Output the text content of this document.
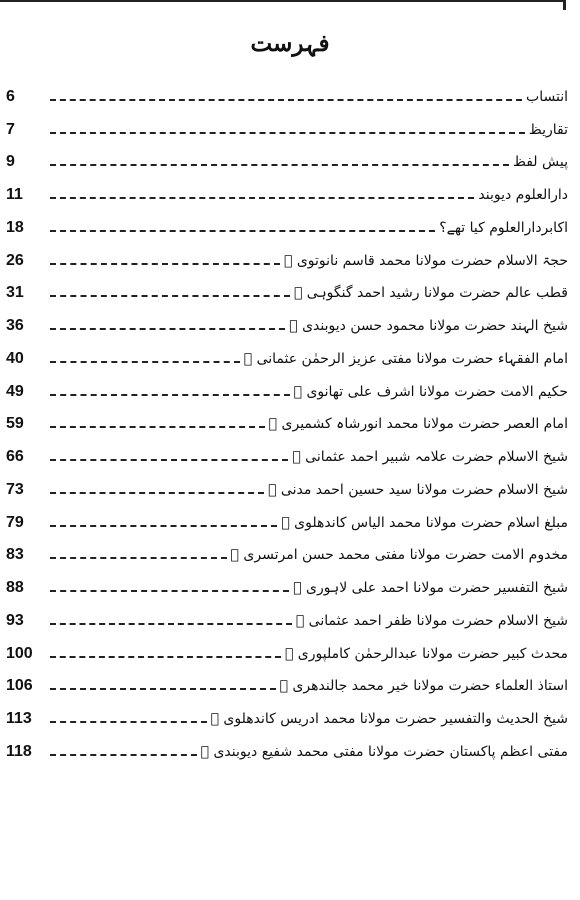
فہرست
6	انتساب
7	تقاریظ
9	پیش لفظ
11	دارالعلوم دیوبند
18	اکابردارالعلوم کیا تھے؟
26	حجۃ الاسلام حضرت مولانا محمد قاسم نانوتوی ﷫
31	قطب عالم حضرت مولانا رشید احمد گنگوہی ﷫
36	شیخ الہند حضرت مولانا محمود حسن دیوبندی ﷫
40	امام الفقہاء حضرت مولانا مفتی عزیز الرحمٰن عثمانی ﷫
49	حکیم الامت حضرت مولانا اشرف علی تھانوی ﷫
59	امام العصر حضرت مولانا محمد انورشاہ کشمیری ﷫
66	شیخ الاسلام حضرت علامہ شبیر احمد عثمانی ﷫
73	شیخ الاسلام حضرت مولانا سید حسین احمد مدنی ﷫
79	مبلغ اسلام حضرت مولانا محمد الیاس کاندھلوی ﷫
83	مخدوم الامت حضرت مولانا مفتی محمد حسن امرتسری ﷫
88	شیخ التفسیر حضرت مولانا احمد علی لاہوری ﷫
93	شیخ الاسلام حضرت مولانا ظفر احمد عثمانی ﷫
100	محدث کبیر حضرت مولانا عبدالرحمٰن کاملپوری ﷫
106	استاذ العلماء حضرت مولانا خیر محمد جالندھری ﷫
113	شیخ الحدیث والتفسیر حضرت مولانا محمد ادریس کاندھلوی ﷫
118	مفتی اعظم پاکستان حضرت مولانا مفتی محمد شفیع دیوبندی ﷫
